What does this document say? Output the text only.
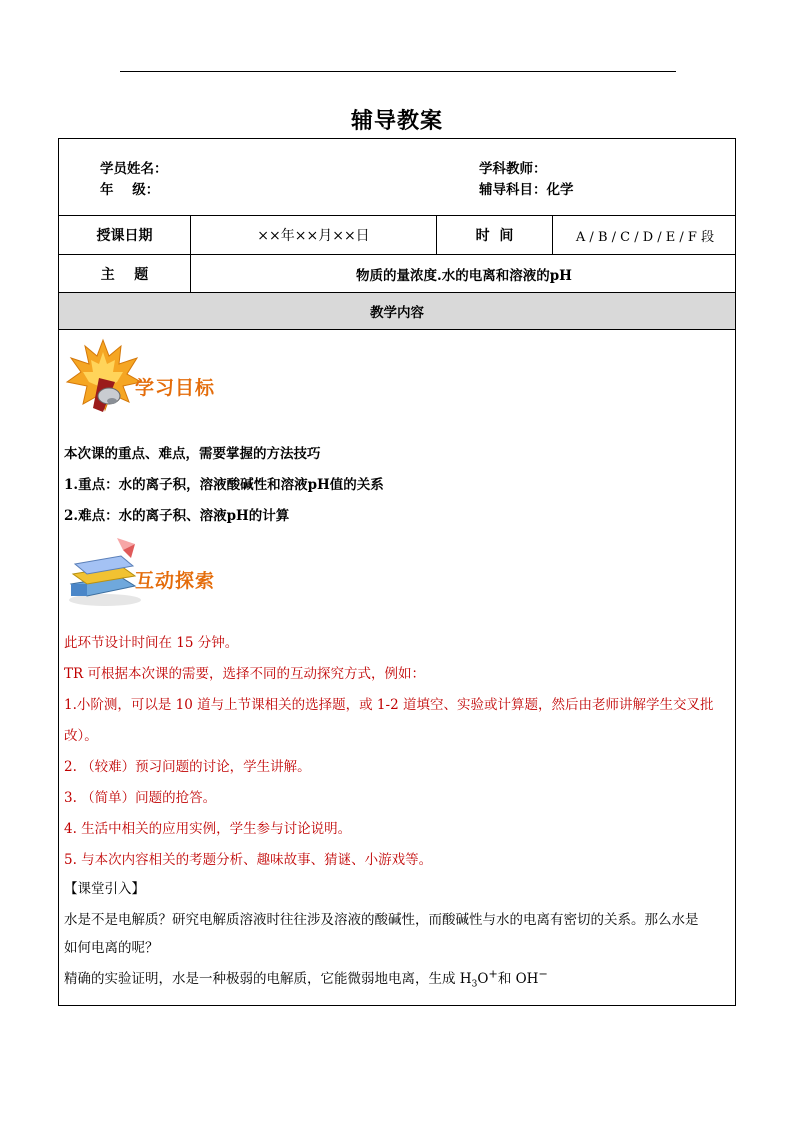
辅导教案
学员姓名：
年    级：
学科教师：
辅导科目：化学
授课日期	××年××月××日	时  间	A / B / C / D / E / F 段
主    题	物质的量浓度.水的电离和溶液的pH
教学内容
学习目标
本次课的重点、难点，需要掌握的方法技巧
1.重点：水的离子积，溶液酸碱性和溶液pH值的关系
2.难点：水的离子积、溶液pH的计算
互动探索
此环节设计时间在 15 分钟。
TR 可根据本次课的需要，选择不同的互动探究方式，例如：
1.小阶测，可以是 10 道与上节课相关的选择题，或 1-2 道填空、实验或计算题，然后由老师讲解学生交叉批
改）。
2. （较难）预习问题的讨论，学生讲解。
3. （简单）问题的抢答。
4. 生活中相关的应用实例，学生参与讨论说明。
5. 与本次内容相关的考题分析、趣味故事、猜谜、小游戏等。
【课堂引入】
水是不是电解质？研究电解质溶液时往往涉及溶液的酸碱性，而酸碱性与水的电离有密切的关系。那么水是
如何电离的呢？
精确的实验证明，水是一种极弱的电解质，它能微弱地电离，生成 $H_3O^+$和 OH−
